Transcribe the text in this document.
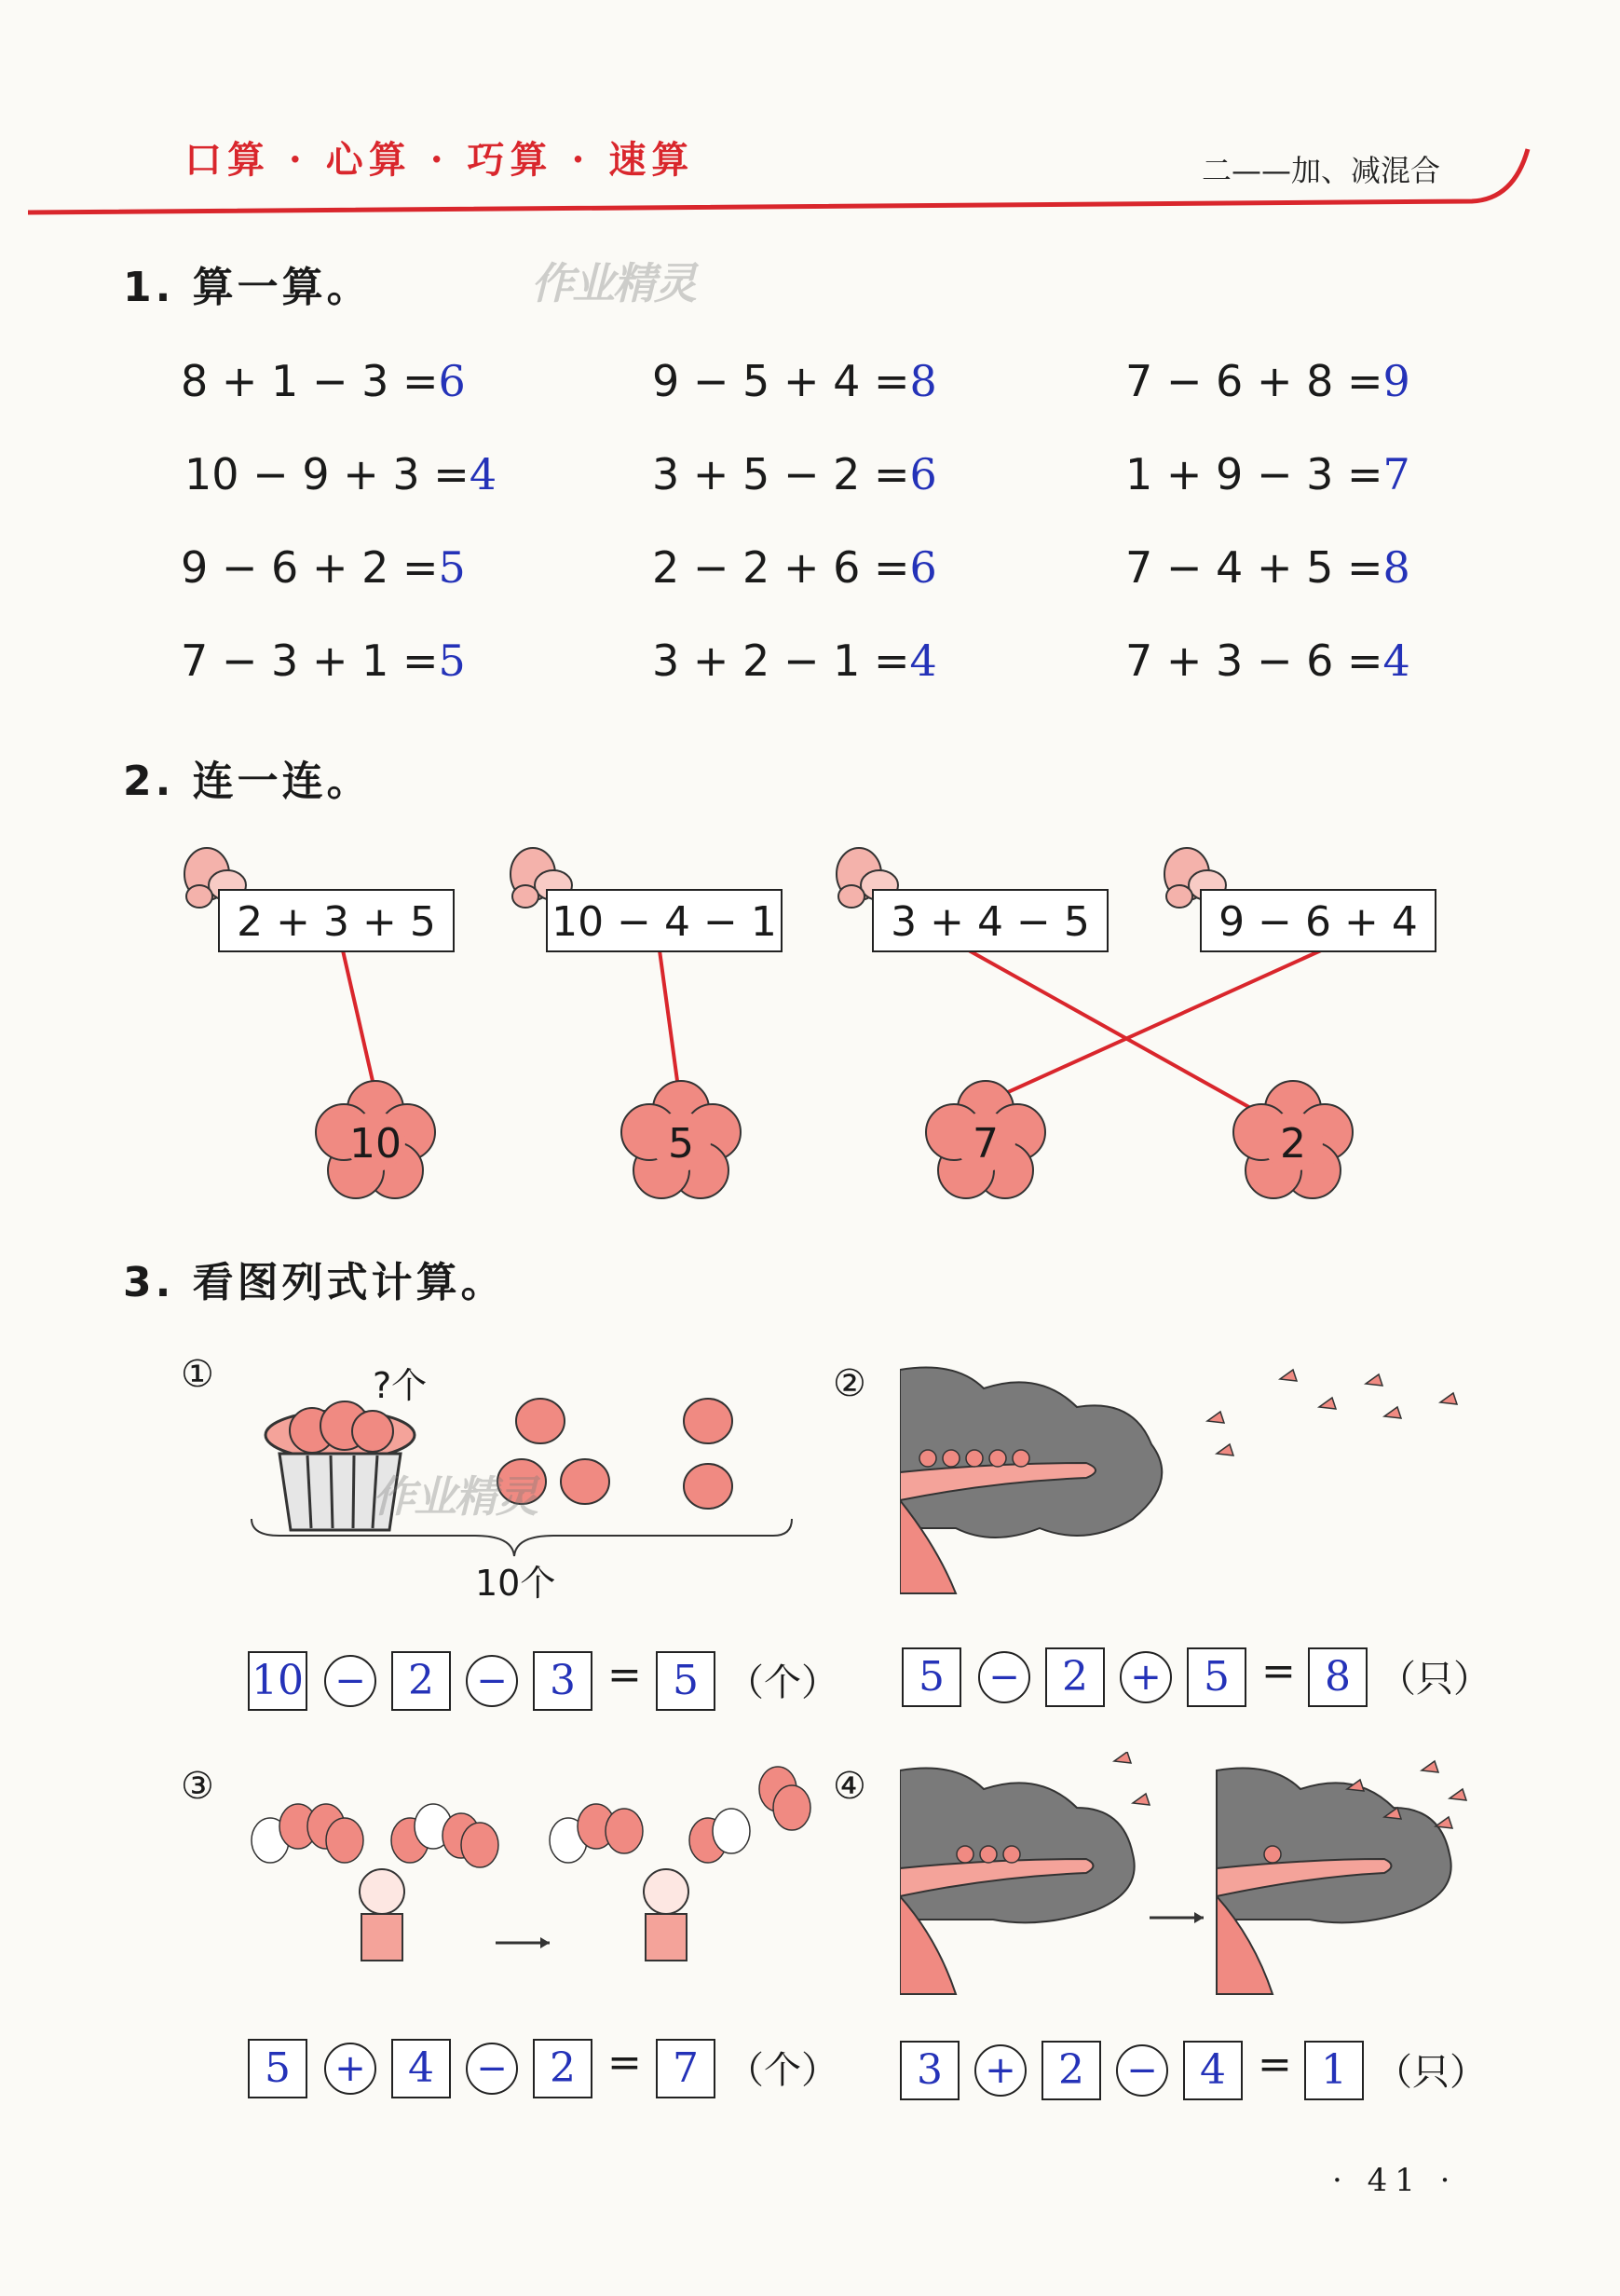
口算 · 心算 · 巧算 · 速算	二——加、减混合
1. 算一算。	作业精灵
8 + 1 − 3 =6	9 − 5 + 4 =8	7 − 6 + 8 =9
10 − 9 + 3 =4	3 + 5 − 2 =6	1 + 9 − 3 =7
9 − 6 + 2 =5	2 − 2 + 6 =6	7 − 4 + 5 =8
7 − 3 + 1 =5	3 + 2 − 1 =4	7 + 3 − 6 =4
2. 连一连。
2 + 3 + 5	10 − 4 − 1	3 + 4 − 5	9 − 6 + 4
10	5	7	2
3. 看图列式计算。
①	?个
作业精灵
10个
10 −	2	−	3 = 5 （个）
②
5	−	2	+	5 = 8 （只）
③
5	+	4	−	2 = 7 （个）
④
3	+	2	−	4 = 1 （只）
· 41 ·
